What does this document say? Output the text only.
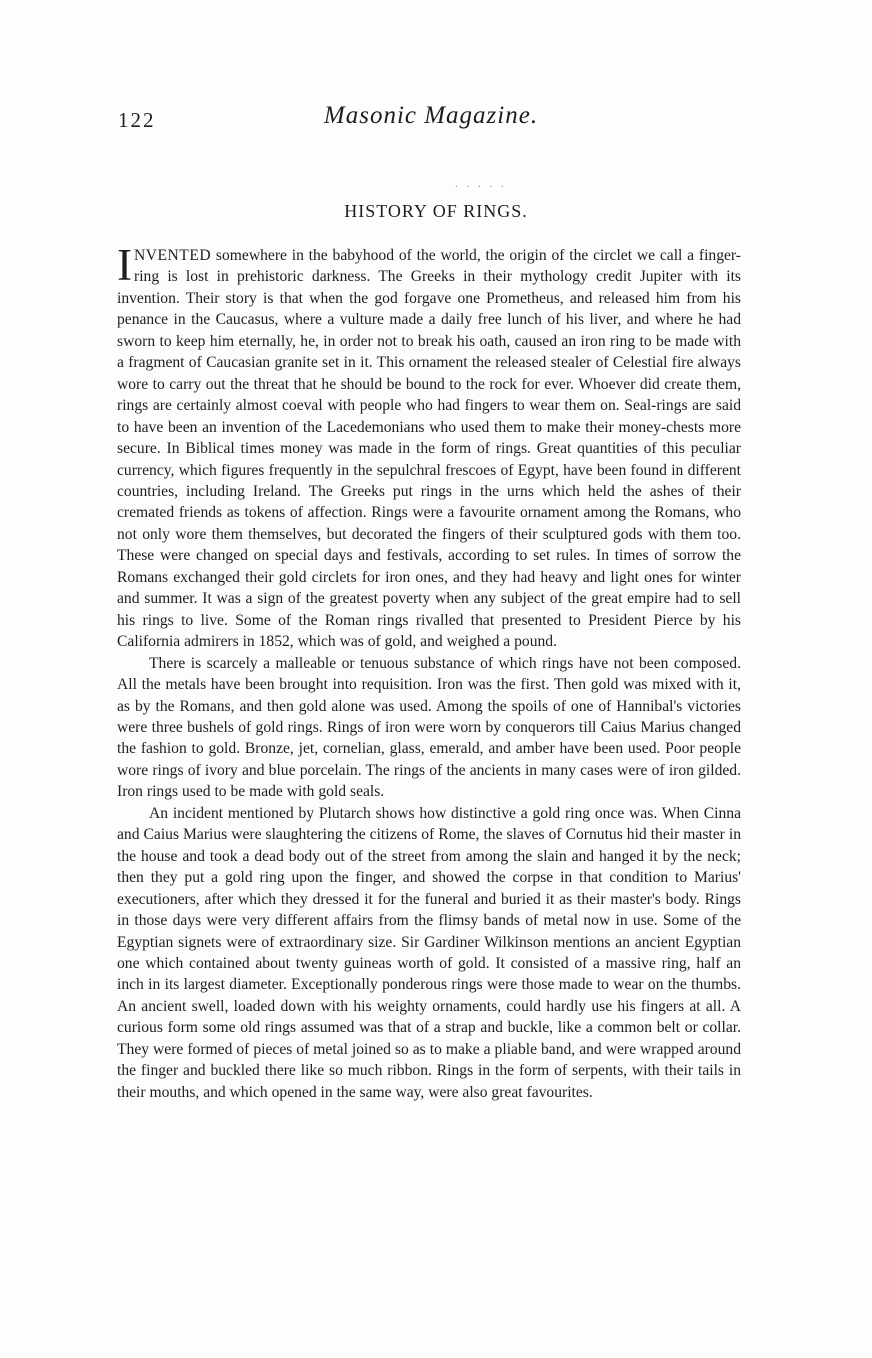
122	Masonic Magazine.
. . . . .
HISTORY OF RINGS.

INVENTED somewhere in the babyhood of the world, the origin of the circlet we call a finger-ring is lost in prehistoric darkness. The Greeks in their mythology credit Jupiter with its invention. Their story is that when the god forgave one Prometheus, and released him from his penance in the Caucasus, where a vulture made a daily free lunch of his liver, and where he had sworn to keep him eternally, he, in order not to break his oath, caused an iron ring to be made with a fragment of Caucasian granite set in it. This ornament the released stealer of Celestial fire always wore to carry out the threat that he should be bound to the rock for ever. Whoever did create them, rings are certainly almost coeval with people who had fingers to wear them on. Seal-rings are said to have been an invention of the Lacedemonians who used them to make their money-chests more secure. In Biblical times money was made in the form of rings. Great quantities of this peculiar currency, which figures frequently in the sepulchral frescoes of Egypt, have been found in different countries, including Ireland. The Greeks put rings in the urns which held the ashes of their cremated friends as tokens of affection. Rings were a favourite ornament among the Romans, who not only wore them themselves, but decorated the fingers of their sculptured gods with them too. These were changed on special days and festivals, according to set rules. In times of sorrow the Romans exchanged their gold circlets for iron ones, and they had heavy and light ones for winter and summer. It was a sign of the greatest poverty when any subject of the great empire had to sell his rings to live. Some of the Roman rings rivalled that presented to President Pierce by his California admirers in 1852, which was of gold, and weighed a pound.

There is scarcely a malleable or tenuous substance of which rings have not been composed. All the metals have been brought into requisition. Iron was the first. Then gold was mixed with it, as by the Romans, and then gold alone was used. Among the spoils of one of Hannibal's victories were three bushels of gold rings. Rings of iron were worn by conquerors till Caius Marius changed the fashion to gold. Bronze, jet, cornelian, glass, emerald, and amber have been used. Poor people wore rings of ivory and blue porcelain. The rings of the ancients in many cases were of iron gilded. Iron rings used to be made with gold seals.

An incident mentioned by Plutarch shows how distinctive a gold ring once was. When Cinna and Caius Marius were slaughtering the citizens of Rome, the slaves of Cornutus hid their master in the house and took a dead body out of the street from among the slain and hanged it by the neck; then they put a gold ring upon the finger, and showed the corpse in that condition to Marius' executioners, after which they dressed it for the funeral and buried it as their master's body. Rings in those days were very different affairs from the flimsy bands of metal now in use. Some of the Egyptian signets were of extraordinary size. Sir Gardiner Wilkinson mentions an ancient Egyptian one which contained about twenty guineas worth of gold. It consisted of a massive ring, half an inch in its largest diameter. Exceptionally ponderous rings were those made to wear on the thumbs. An ancient swell, loaded down with his weighty ornaments, could hardly use his fingers at all. A curious form some old rings assumed was that of a strap and buckle, like a common belt or collar. They were formed of pieces of metal joined so as to make a pliable band, and were wrapped around the finger and buckled there like so much ribbon. Rings in the form of serpents, with their tails in their mouths, and which opened in the same way, were also great favourites.
